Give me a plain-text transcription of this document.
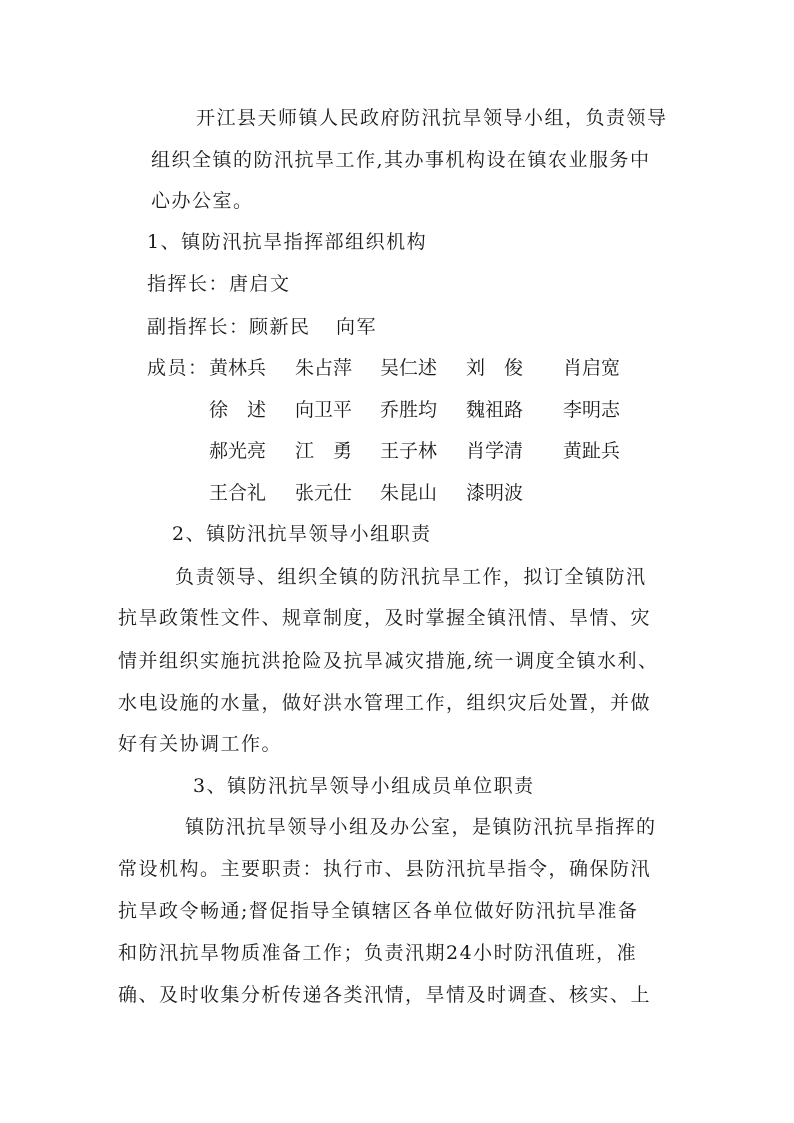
开江县天师镇人民政府防汛抗旱领导小组，负责领导
组织全镇的防汛抗旱工作,其办事机构设在镇农业服务中
心办公室。
1、镇防汛抗旱指挥部组织机构
指挥长： 唐启文
副指挥长： 顾新民 向军
成员： 黄林兵 朱占萍 吴仁述 刘　俊 肖启宽
徐　述 向卫平 乔胜均 魏祖路 李明志
郝光亮 江　勇 王子林 肖学清 黄趾兵
王合礼 张元仕 朱昆山 漆明波
2、镇防汛抗旱领导小组职责
负责领导、组织全镇的防汛抗旱工作，拟订全镇防汛
抗旱政策性文件、规章制度，及时掌握全镇汛情、旱情、灾
情并组织实施抗洪抢险及抗旱减灾措施,统一调度全镇水利、
水电设施的水量，做好洪水管理工作，组织灾后处置，并做
好有关协调工作。
3、镇防汛抗旱领导小组成员单位职责
镇防汛抗旱领导小组及办公室，是镇防汛抗旱指挥的
常设机构。主要职责：执行市、县防汛抗旱指令，确保防汛
抗旱政令畅通;督促指导全镇辖区各单位做好防汛抗旱准备
和防汛抗旱物质准备工作；负责汛期24小时防汛值班，准
确、及时收集分析传递各类汛情，旱情及时调查、核实、上
